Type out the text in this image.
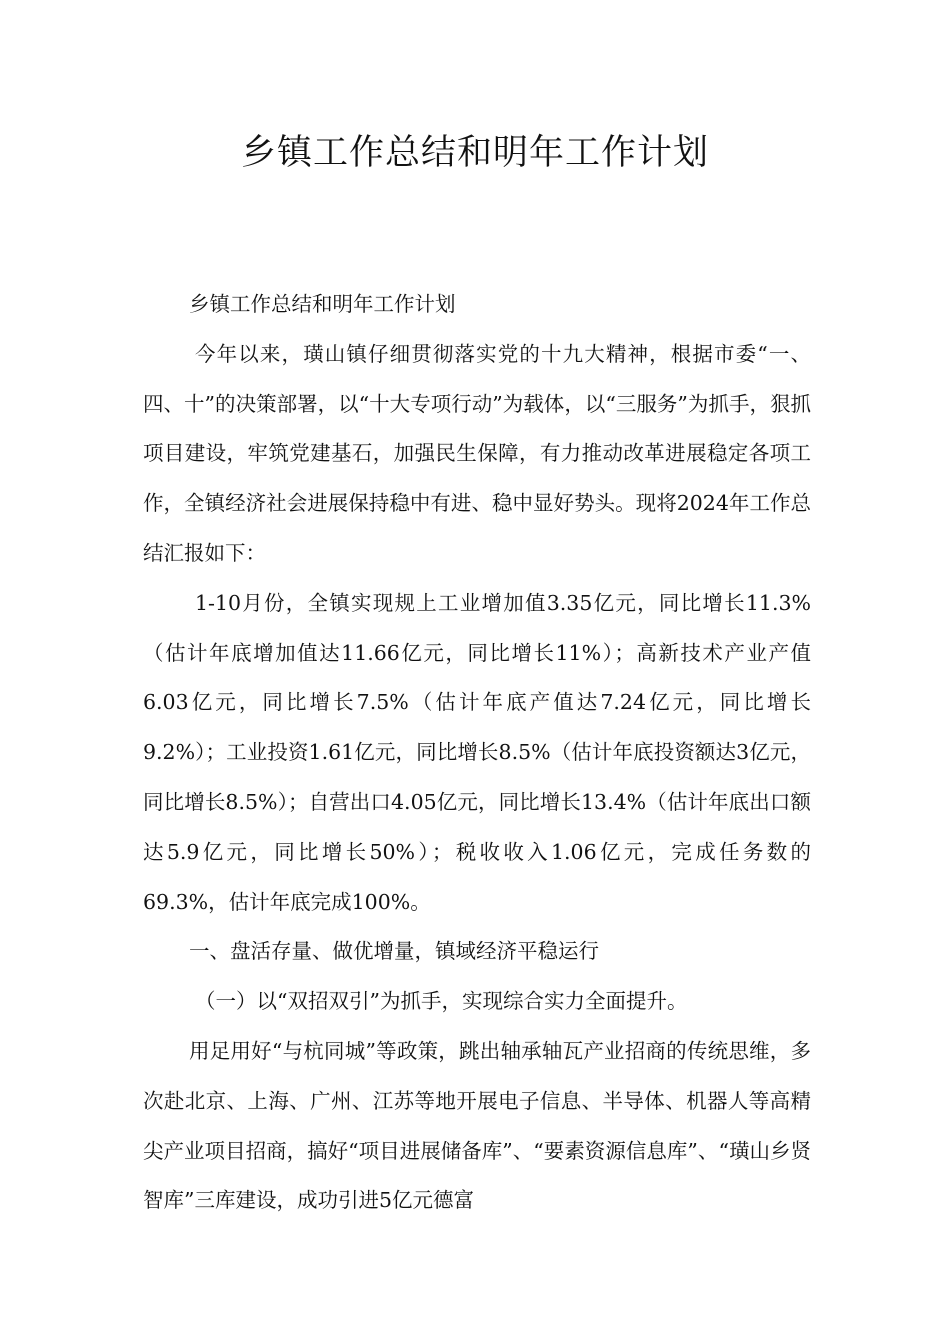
乡镇工作总结和明年工作计划

乡镇工作总结和明年工作计划

今年以来，璜山镇仔细贯彻落实党的十九大精神，根据市委“一、四、十”的决策部署，以“十大专项行动”为载体，以“三服务”为抓手，狠抓项目建设，牢筑党建基石，加强民生保障，有力推动改革进展稳定各项工作，全镇经济社会进展保持稳中有进、稳中显好势头。现将2024年工作总结汇报如下：

1-10月份，全镇实现规上工业增加值3.35亿元，同比增长11.3%（估计年底增加值达11.66亿元，同比增长11%）；高新技术产业产值6.03亿元，同比增长7.5%（估计年底产值达7.24亿元，同比增长9.2%）；工业投资1.61亿元，同比增长8.5%（估计年底投资额达3亿元，同比增长8.5%）；自营出口4.05亿元，同比增长13.4%（估计年底出口额达5.9亿元，同比增长50%）；税收收入1.06亿元，完成任务数的69.3%，估计年底完成100%。

一、盘活存量、做优增量，镇域经济平稳运行

（一）以“双招双引”为抓手，实现综合实力全面提升。

用足用好“与杭同城”等政策，跳出轴承轴瓦产业招商的传统思维，多次赴北京、上海、广州、江苏等地开展电子信息、半导体、机器人等高精尖产业项目招商，搞好“项目进展储备库”、“要素资源信息库”、“璜山乡贤智库”三库建设，成功引进5亿元德富
